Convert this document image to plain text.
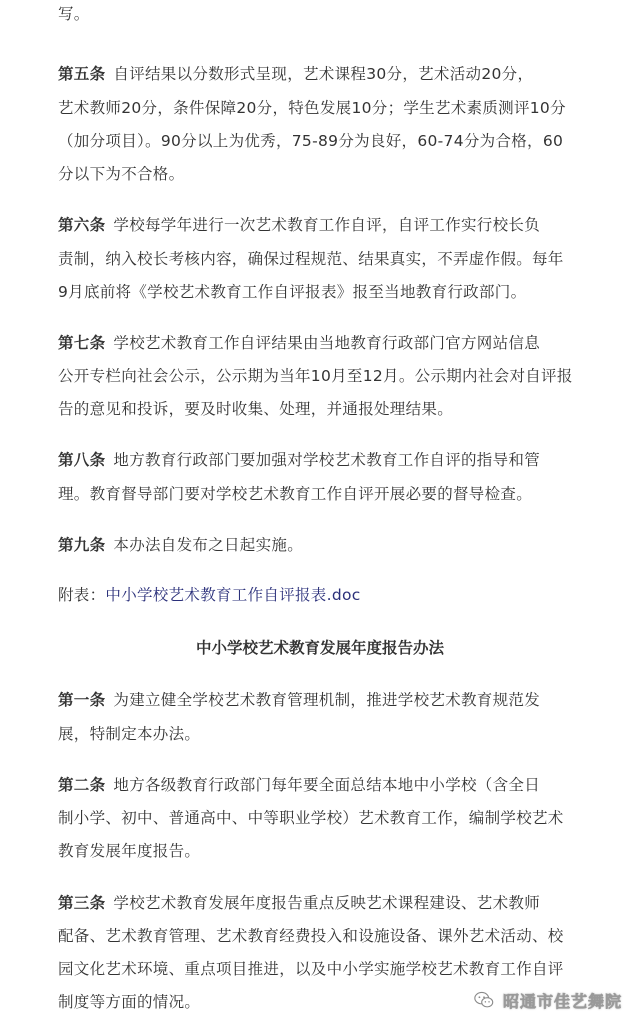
写。
第五条 自评结果以分数形式呈现，艺术课程30分，艺术活动20分，
艺术教师20分，条件保障20分，特色发展10分；学生艺术素质测评10分
（加分项目）。90分以上为优秀，75-89分为良好，60-74分为合格，60
分以下为不合格。
第六条 学校每学年进行一次艺术教育工作自评，自评工作实行校长负
责制，纳入校长考核内容，确保过程规范、结果真实，不弄虚作假。每年
9月底前将《学校艺术教育工作自评报表》报至当地教育行政部门。
第七条 学校艺术教育工作自评结果由当地教育行政部门官方网站信息
公开专栏向社会公示，公示期为当年10月至12月。公示期内社会对自评报
告的意见和投诉，要及时收集、处理，并通报处理结果。
第八条 地方教育行政部门要加强对学校艺术教育工作自评的指导和管
理。教育督导部门要对学校艺术教育工作自评开展必要的督导检查。
第九条 本办法自发布之日起实施。
附表：中小学校艺术教育工作自评报表.doc
中小学校艺术教育发展年度报告办法
第一条 为建立健全学校艺术教育管理机制，推进学校艺术教育规范发
展，特制定本办法。
第二条 地方各级教育行政部门每年要全面总结本地中小学校（含全日
制小学、初中、普通高中、中等职业学校）艺术教育工作，编制学校艺术
教育发展年度报告。
第三条 学校艺术教育发展年度报告重点反映艺术课程建设、艺术教师
配备、艺术教育管理、艺术教育经费投入和设施设备、课外艺术活动、校
园文化艺术环境、重点项目推进，以及中小学实施学校艺术教育工作自评
制度等方面的情况。	昭通市佳艺舞院
